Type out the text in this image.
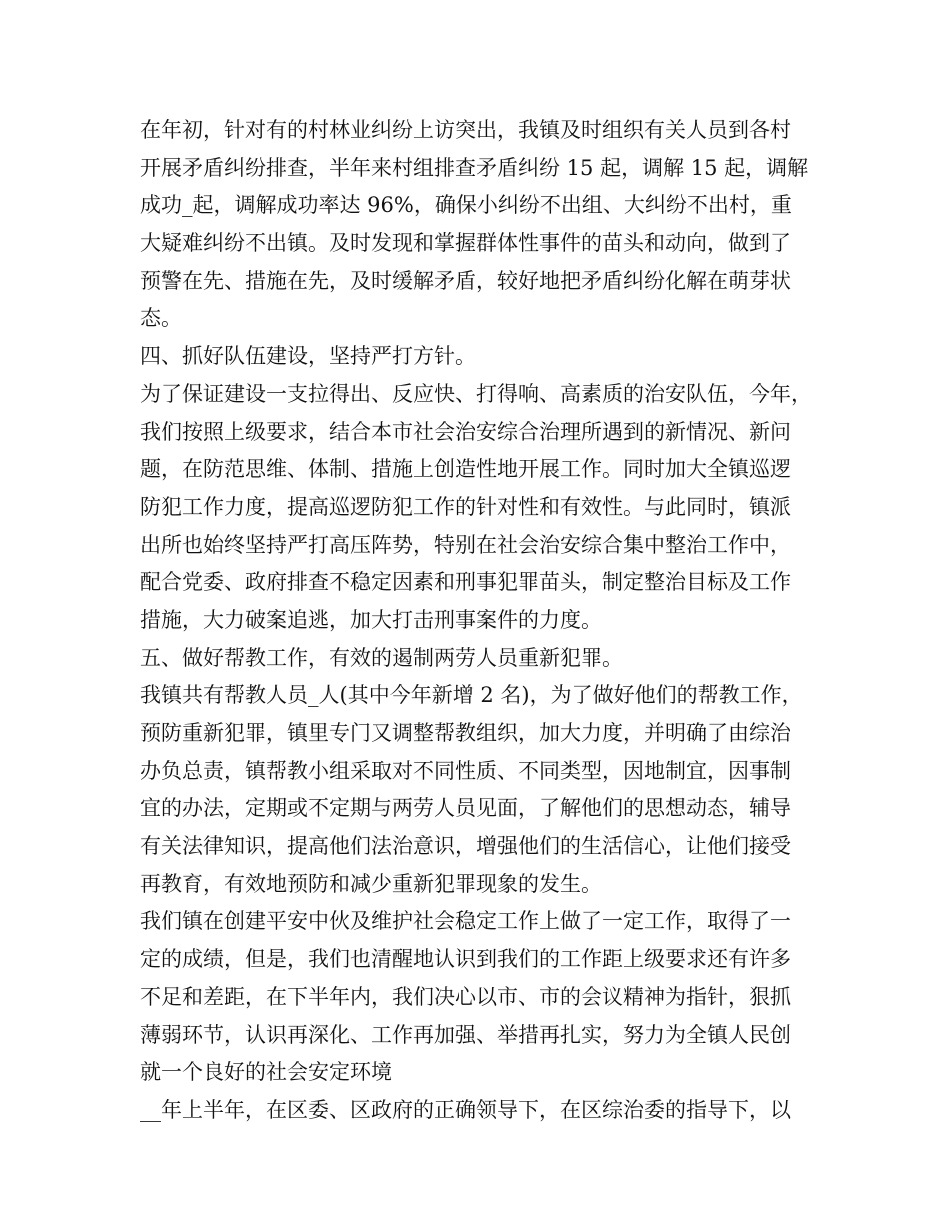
在年初，针对有的村林业纠纷上访突出，我镇及时组织有关人员到各村
开展矛盾纠纷排查，半年来村组排查矛盾纠纷 15 起，调解 15 起，调解
成功_起，调解成功率达 96%，确保小纠纷不出组、大纠纷不出村，重
大疑难纠纷不出镇。及时发现和掌握群体性事件的苗头和动向，做到了
预警在先、措施在先，及时缓解矛盾，较好地把矛盾纠纷化解在萌芽状
态。
四、抓好队伍建设，坚持严打方针。
为了保证建设一支拉得出、反应快、打得响、高素质的治安队伍，今年，
我们按照上级要求，结合本市社会治安综合治理所遇到的新情况、新问
题，在防范思维、体制、措施上创造性地开展工作。同时加大全镇巡逻
防犯工作力度，提高巡逻防犯工作的针对性和有效性。与此同时，镇派
出所也始终坚持严打高压阵势，特别在社会治安综合集中整治工作中，
配合党委、政府排查不稳定因素和刑事犯罪苗头，制定整治目标及工作
措施，大力破案追逃，加大打击刑事案件的力度。
五、做好帮教工作，有效的遏制两劳人员重新犯罪。
我镇共有帮教人员_人(其中今年新增 2 名)，为了做好他们的帮教工作，
预防重新犯罪，镇里专门又调整帮教组织，加大力度，并明确了由综治
办负总责，镇帮教小组采取对不同性质、不同类型，因地制宜，因事制
宜的办法，定期或不定期与两劳人员见面，了解他们的思想动态，辅导
有关法律知识，提高他们法治意识，增强他们的生活信心，让他们接受
再教育，有效地预防和减少重新犯罪现象的发生。
我们镇在创建平安中伙及维护社会稳定工作上做了一定工作，取得了一
定的成绩，但是，我们也清醒地认识到我们的工作距上级要求还有许多
不足和差距，在下半年内，我们决心以市、市的会议精神为指针，狠抓
薄弱环节，认识再深化、工作再加强、举措再扎实，努力为全镇人民创
就一个良好的社会安定环境
__年上半年，在区委、区政府的正确领导下，在区综治委的指导下，以
